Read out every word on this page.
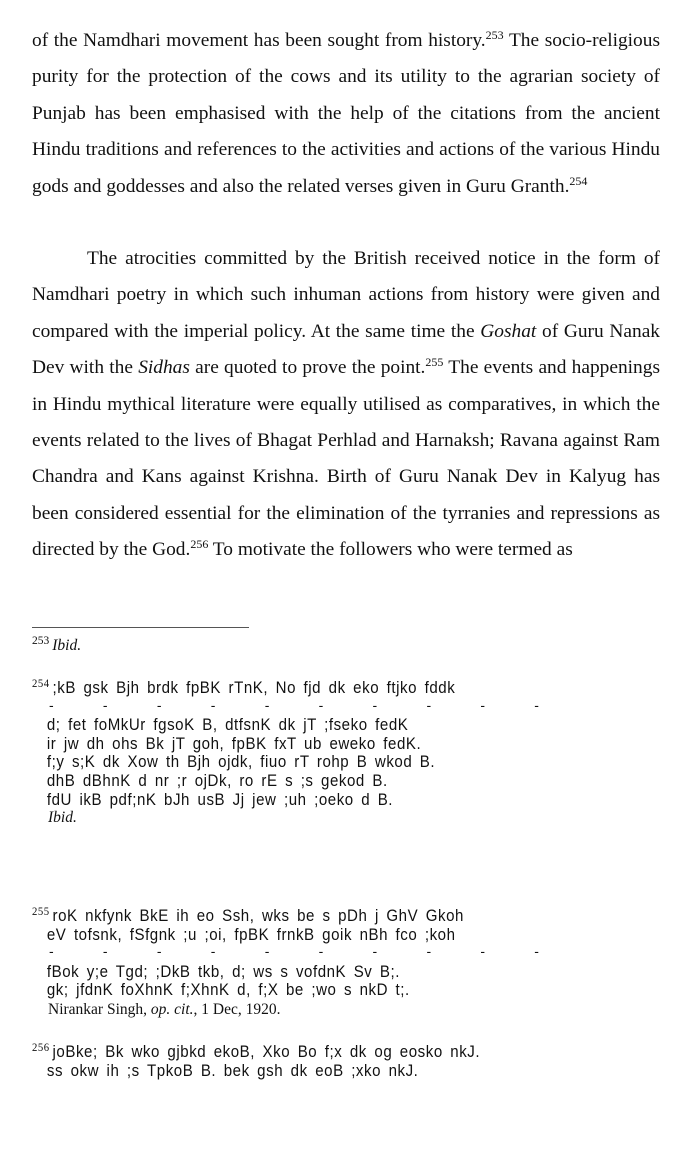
of the Namdhari movement has been sought from history.$^{253}$ The socio-religious purity for the protection of the cows and its utility to the agrarian society of Punjab has been emphasised with the help of the citations from the ancient Hindu traditions and references to the activities and actions of the various Hindu gods and goddesses and also the related verses given in Guru Granth.$^{254}$

The atrocities committed by the British received notice in the form of Namdhari poetry in which such inhuman actions from history were given and compared with the imperial policy. At the same time the Goshat of Guru Nanak Dev with the Sidhas are quoted to prove the point.$^{255}$ The events and happenings in Hindu mythical literature were equally utilised as comparatives, in which the events related to the lives of Bhagat Perhlad and Harnaksh; Ravana against Ram Chandra and Kans against Krishna. Birth of Guru Nanak Dev in Kalyug has been considered essential for the elimination of the tyrranies and repressions as directed by the God.$^{256}$ To motivate the followers who were termed as

$^{253}$ Ibid.
$^{254}$ ;kB gsk Bjh brdk fpBK rTnK, No fjd dk eko ftjko fddk
-	-	-	-	-	-	-	-	-	-
d; fet foMkUr fgsoK B, dtfsnK dk jT ;fseko fedK
ir jw dh ohs Bk jT goh, fpBK fxT ub eweko fedK.
f;y s;K dk Xow th Bjh ojdk, fiuo rT rohp B wkod B.
dhB dBhnK d nr ;r ojDk, ro rE s ;s gekod B.
fdU ikB pdf;nK bJh usB Jj jew ;uh ;oeko d B.
Ibid.
$^{255}$ roK nkfynk BkE ih eo Ssh, wks be s pDh j GhV Gkoh
eV tofsnk, fSfgnk ;u ;oi, fpBK frnkB goik nBh fco ;koh
-	-	-	-	-	-	-	-	-	-
fBok y;e Tgd; ;DkB tkb, d; ws s vofdnK Sv B;.
gk; jfdnK foXhnK f;XhnK d, f;X be ;wo s nkD t;.
Nirankar Singh, op. cit., 1 Dec, 1920.
$^{256}$ joBke; Bk wko gjbkd ekoB, Xko Bo f;x dk og eosko nkJ.
ss okw ih ;s TpkoB B. bek gsh dk eoB ;xko nkJ.
